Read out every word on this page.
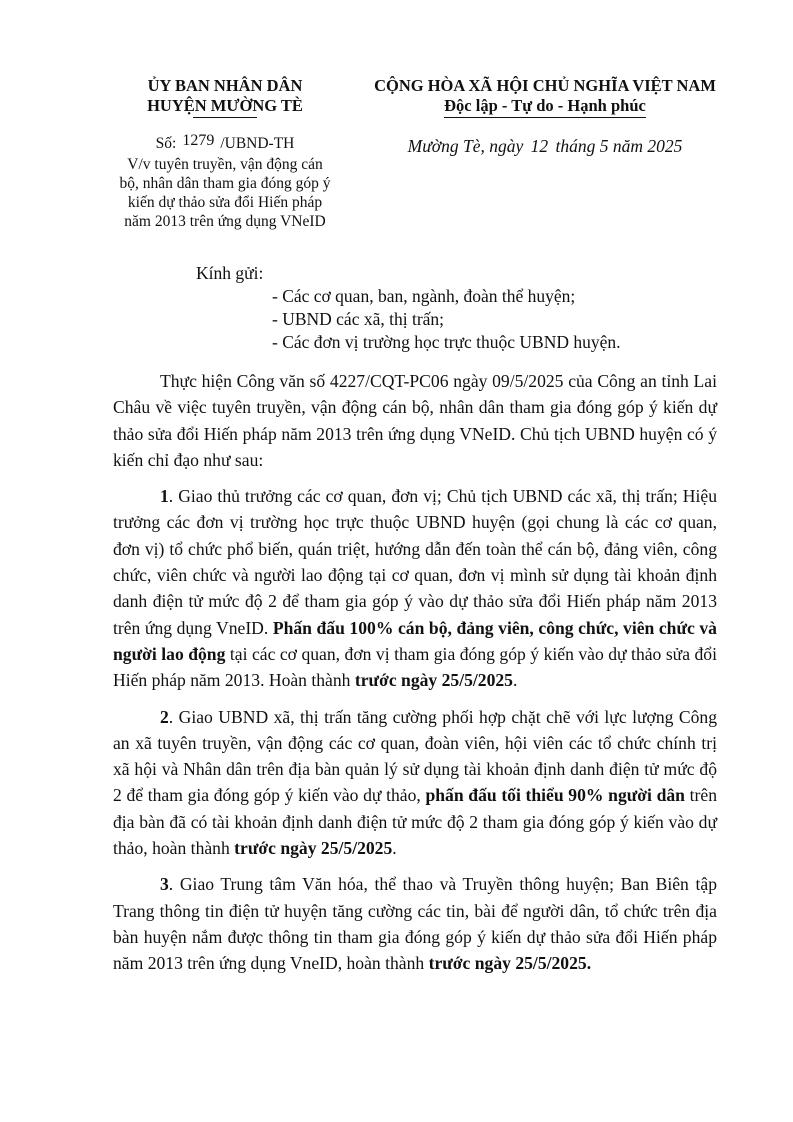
ỦY BAN NHÂN DÂN
HUYỆN MƯỜNG TÈ
CỘNG HÒA XÃ HỘI CHỦ NGHĨA VIỆT NAM
Độc lập - Tự do - Hạnh phúc
Số: 1279 /UBND-TH
V/v tuyên truyền, vận động cán
bộ, nhân dân tham gia đóng góp ý
kiến dự thảo sửa đổi Hiến pháp
năm 2013 trên ứng dụng VNeID
Mường Tè, ngày 12 tháng 5 năm 2025
Kính gửi:
- Các cơ quan, ban, ngành, đoàn thể huyện;
- UBND các xã, thị trấn;
- Các đơn vị trường học trực thuộc UBND huyện.

Thực hiện Công văn số 4227/CQT-PC06 ngày 09/5/2025 của Công an tỉnh Lai Châu về việc tuyên truyền, vận động cán bộ, nhân dân tham gia đóng góp ý kiến dự thảo sửa đổi Hiến pháp năm 2013 trên ứng dụng VNeID. Chủ tịch UBND huyện có ý kiến chỉ đạo như sau:

1. Giao thủ trưởng các cơ quan, đơn vị; Chủ tịch UBND các xã, thị trấn; Hiệu trưởng các đơn vị trường học trực thuộc UBND huyện (gọi chung là các cơ quan, đơn vị) tổ chức phổ biến, quán triệt, hướng dẫn đến toàn thể cán bộ, đảng viên, công chức, viên chức và người lao động tại cơ quan, đơn vị mình sử dụng tài khoản định danh điện tử mức độ 2 để tham gia góp ý vào dự thảo sửa đổi Hiến pháp năm 2013 trên ứng dụng VneID. Phấn đấu 100% cán bộ, đảng viên, công chức, viên chức và người lao động tại các cơ quan, đơn vị tham gia đóng góp ý kiến vào dự thảo sửa đổi Hiến pháp năm 2013. Hoàn thành trước ngày 25/5/2025.

2. Giao UBND xã, thị trấn tăng cường phối hợp chặt chẽ với lực lượng Công an xã tuyên truyền, vận động các cơ quan, đoàn viên, hội viên các tổ chức chính trị xã hội và Nhân dân trên địa bàn quản lý sử dụng tài khoản định danh điện tử mức độ 2 để tham gia đóng góp ý kiến vào dự thảo, phấn đấu tối thiểu 90% người dân trên địa bàn đã có tài khoản định danh điện tử mức độ 2 tham gia đóng góp ý kiến vào dự thảo, hoàn thành trước ngày 25/5/2025.

3. Giao Trung tâm Văn hóa, thể thao và Truyền thông huyện; Ban Biên tập Trang thông tin điện tử huyện tăng cường các tin, bài để người dân, tổ chức trên địa bàn huyện nắm được thông tin tham gia đóng góp ý kiến dự thảo sửa đổi Hiến pháp năm 2013 trên ứng dụng VneID, hoàn thành trước ngày 25/5/2025.
